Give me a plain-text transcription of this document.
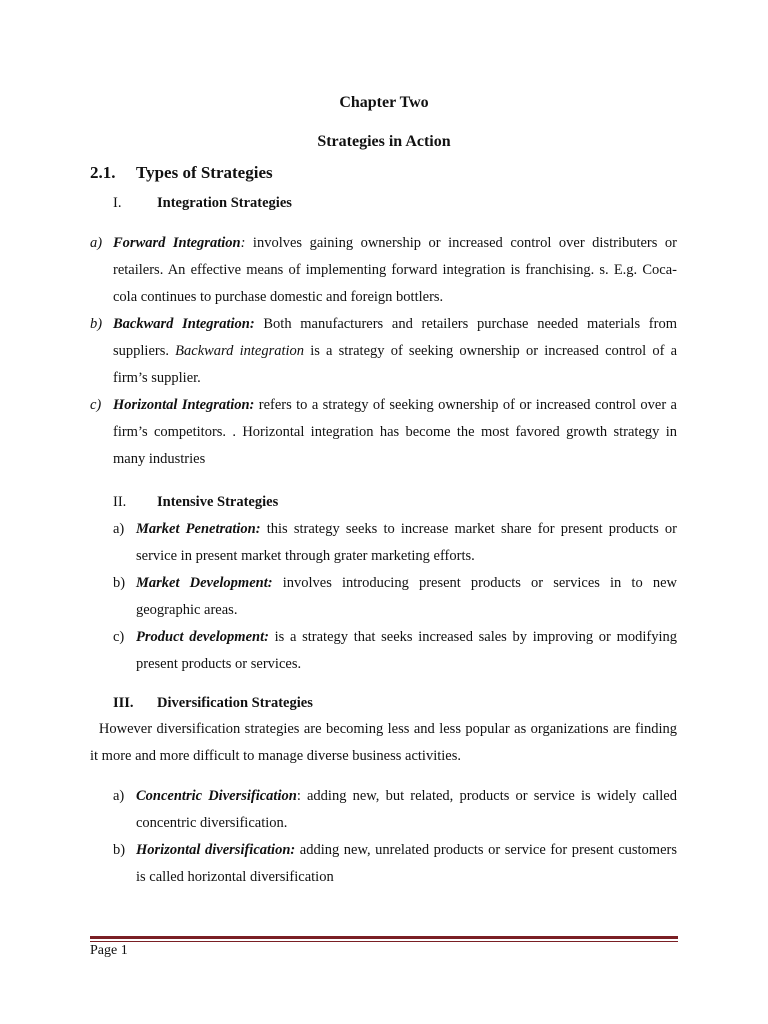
Chapter Two
Strategies in Action
2.1. Types of Strategies
I. Integration Strategies
a) Forward Integration: involves gaining ownership or increased control over distributers or retailers. An effective means of implementing forward integration is franchising. s. E.g. Coca-cola continues to purchase domestic and foreign bottlers.
b) Backward Integration: Both manufacturers and retailers purchase needed materials from suppliers. Backward integration is a strategy of seeking ownership or increased control of a firm’s supplier.
c) Horizontal Integration: refers to a strategy of seeking ownership of or increased control over a firm’s competitors. . Horizontal integration has become the most favored growth strategy in many industries
II. Intensive Strategies
a) Market Penetration: this strategy seeks to increase market share for present products or service in present market through grater marketing efforts.
b) Market Development: involves introducing present products or services in to new geographic areas.
c) Product development: is a strategy that seeks increased sales by improving or modifying present products or services.
III. Diversification Strategies

However diversification strategies are becoming less and less popular as organizations are finding it more and more difficult to manage diverse business activities.

a) Concentric Diversification: adding new, but related, products or service is widely called concentric diversification.
b) Horizontal diversification: adding new, unrelated products or service for present customers is called horizontal diversification
Page 1
